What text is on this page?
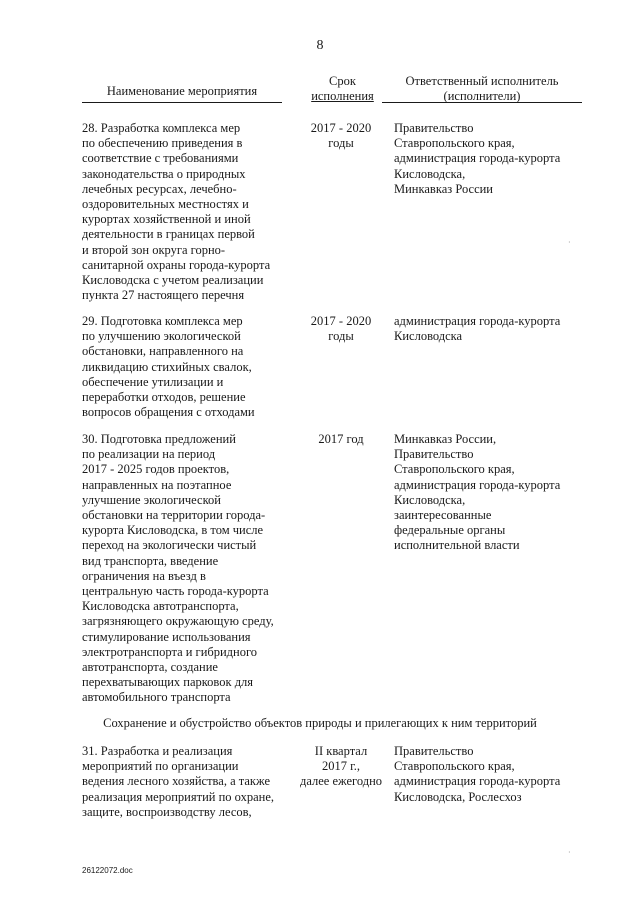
8
Наименование мероприятия
Срок
исполнения
Ответственный исполнитель
(исполнители)
28. Разработка комплекса мер
по обеспечению приведения в
соответствие с требованиями
законодательства о природных
лечебных ресурсах, лечебно-
оздоровительных местностях и
курортах хозяйственной и иной
деятельности в границах первой
и второй зон округа горно-
санитарной охраны города-курорта
Кисловодска с учетом реализации
пункта 27 настоящего перечня
2017 - 2020
годы
Правительство
Ставропольского края,
администрация города-курорта
Кисловодска,
Минкавказ России
29. Подготовка комплекса мер
по улучшению экологической
обстановки, направленного на
ликвидацию стихийных свалок,
обеспечение утилизации и
переработки отходов, решение
вопросов обращения с отходами
2017 - 2020
годы
администрация города-курорта
Кисловодска
30. Подготовка предложений
по реализации на период
2017 - 2025 годов проектов,
направленных на поэтапное
улучшение экологической
обстановки на территории города-
курорта Кисловодска, в том числе
переход на экологически чистый
вид транспорта, введение
ограничения на въезд в
центральную часть города-курорта
Кисловодска автотранспорта,
загрязняющего окружающую среду,
стимулирование использования
электротранспорта и гибридного
автотранспорта, создание
перехватывающих парковок для
автомобильного транспорта
2017 год	Минкавказ России,
Правительство
Ставропольского края,
администрация города-курорта
Кисловодска,
заинтересованные
федеральные органы
исполнительной власти
Сохранение и обустройство объектов природы и прилегающих к ним территорий
31. Разработка и реализация
мероприятий по организации
ведения лесного хозяйства, а также
реализация мероприятий по охране,
защите, воспроизводству лесов,
II квартал
2017 г.,
далее ежегодно
Правительство
Ставропольского края,
администрация города-курорта
Кисловодска, Рослесхоз
26122072.doc
·
·
